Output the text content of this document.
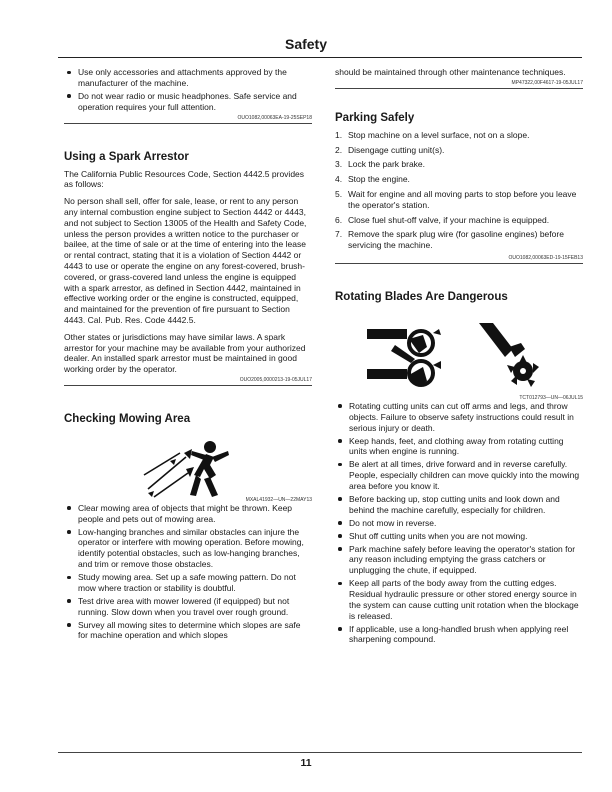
Safety
Use only accessories and attachments approved by the manufacturer of the machine.
Do not wear radio or music headphones. Safe service and operation requires your full attention.
OUO1082,00063EA-19-25SEP18
Using a Spark Arrestor

The California Public Resources Code, Section 4442.5 provides as follows:

No person shall sell, offer for sale, lease, or rent to any person any internal combustion engine subject to Section 4442 or 4443, and not subject to Section 13005 of the Health and Safety Code, unless the person provides a written notice to the purchaser or bailee, at the time of sale or at the time of entering into the lease or rental contract, stating that it is a violation of Section 4442 or 4443 to use or operate the engine on any forest-covered, brush-covered, or grass-covered land unless the engine is equipped with a spark arrestor, as defined in Section 4442, maintained in effective working order or the engine is constructed, equipped, and maintained for the prevention of fire pursuant to Section 4443. Cal. Pub. Res. Code 4442.5.

Other states or jurisdictions may have similar laws. A spark arrestor for your machine may be available from your authorized dealer. An installed spark arrestor must be maintained in good working order by the operator.

OUO2005,0000213-19-05JUL17
Checking Mowing Area
MXAL41932—UN—22MAY13
Clear mowing area of objects that might be thrown. Keep people and pets out of mowing area.
Low-hanging branches and similar obstacles can injure the operator or interfere with mowing operation. Before mowing, identify potential obstacles, such as low-hanging branches, and trim or remove those obstacles.
Study mowing area. Set up a safe mowing pattern. Do not mow where traction or stability is doubtful.
Test drive area with mower lowered (if equipped) but not running. Slow down when you travel over rough ground.
Survey all mowing sites to determine which slopes are safe for machine operation and which slopes

should be maintained through other maintenance techniques.

MP47322,00F4617-19-05JUL17
Parking Safely
1. Stop machine on a level surface, not on a slope.
2. Disengage cutting unit(s).
3. Lock the park brake.
4. Stop the engine.
5. Wait for engine and all moving parts to stop before you leave the operator's station.
6. Close fuel shut-off valve, if your machine is equipped.
7. Remove the spark plug wire (for gasoline engines) before servicing the machine.
OUO1082,00063ED-19-15FEB13
Rotating Blades Are Dangerous
TCT012793—UN—06JUL15
Rotating cutting units can cut off arms and legs, and throw objects. Failure to observe safety instructions could result in serious injury or death.
Keep hands, feet, and clothing away from rotating cutting units when engine is running.
Be alert at all times, drive forward and in reverse carefully. People, especially children can move quickly into the mowing area before you know it.
Before backing up, stop cutting units and look down and behind the machine carefully, especially for children.
Do not mow in reverse.
Shut off cutting units when you are not mowing.
Park machine safely before leaving the operator's station for any reason including emptying the grass catchers or unplugging the chute, if equipped.
Keep all parts of the body away from the cutting edges. Residual hydraulic pressure or other stored energy source in the system can cause cutting unit rotation when the blockage is released.
If applicable, use a long-handled brush when applying reel sharpening compound.
11
